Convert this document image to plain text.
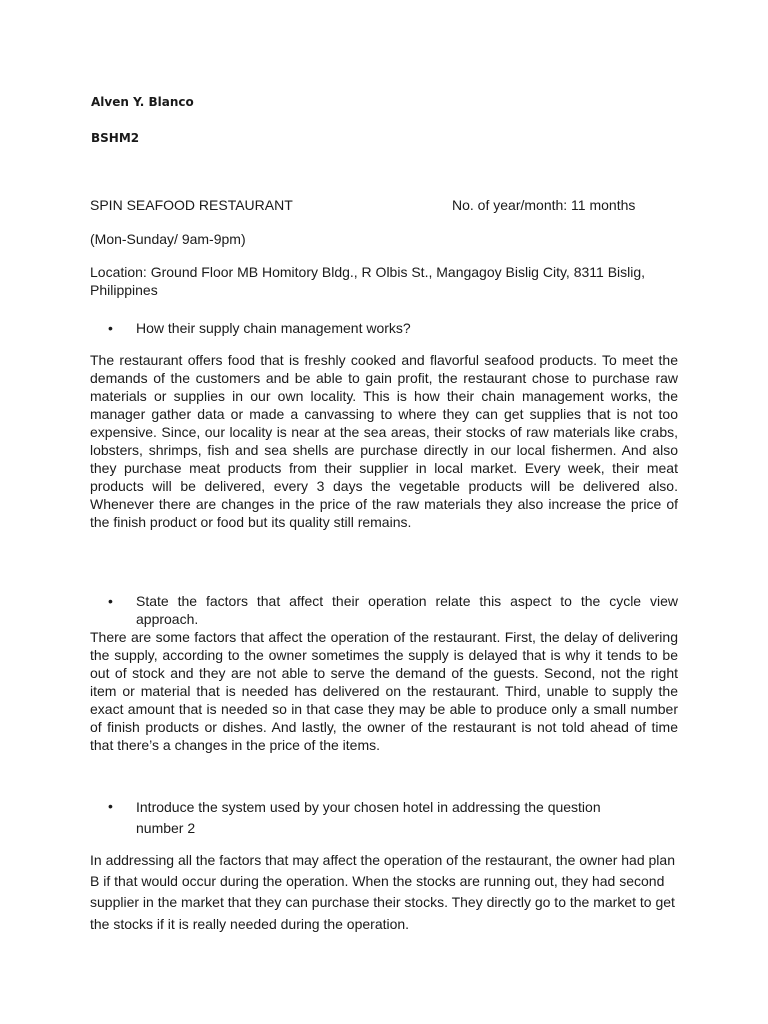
Alven Y. Blanco
BSHM2
SPIN SEAFOOD RESTAURANT	No. of year/month: 11 months
(Mon-Sunday/ 9am-9pm)
Location: Ground Floor MB Homitory Bldg., R Olbis St., Mangagoy Bislig City, 8311 Bislig, Philippines
• How their supply chain management works?
The restaurant offers food that is freshly cooked and flavorful seafood products. To meet the demands of the customers and be able to gain profit, the restaurant chose to purchase raw materials or supplies in our own locality. This is how their chain management works, the manager gather data or made a canvassing to where they can get supplies that is not too expensive. Since, our locality is near at the sea areas, their stocks of raw materials like crabs, lobsters, shrimps, fish and sea shells are purchase directly in our local fishermen. And also they purchase meat products from their supplier in local market. Every week, their meat products will be delivered, every 3 days the vegetable products will be delivered also. Whenever there are changes in the price of the raw materials they also increase the price of the finish product or food but its quality still remains.
• State the factors that affect their operation relate this aspect to the cycle view approach.
There are some factors that affect the operation of the restaurant. First, the delay of delivering the supply, according to the owner sometimes the supply is delayed that is why it tends to be out of stock and they are not able to serve the demand of the guests. Second, not the right item or material that is needed has delivered on the restaurant. Third, unable to supply the exact amount that is needed so in that case they may be able to produce only a small number of finish products or dishes. And lastly, the owner of the restaurant is not told ahead of time that there’s a changes in the price of the items.
• Introduce the system used by your chosen hotel in addressing the question number 2
In addressing all the factors that may affect the operation of the restaurant, the owner had plan B if that would occur during the operation. When the stocks are running out, they had second supplier in the market that they can purchase their stocks. They directly go to the market to get the stocks if it is really needed during the operation.
